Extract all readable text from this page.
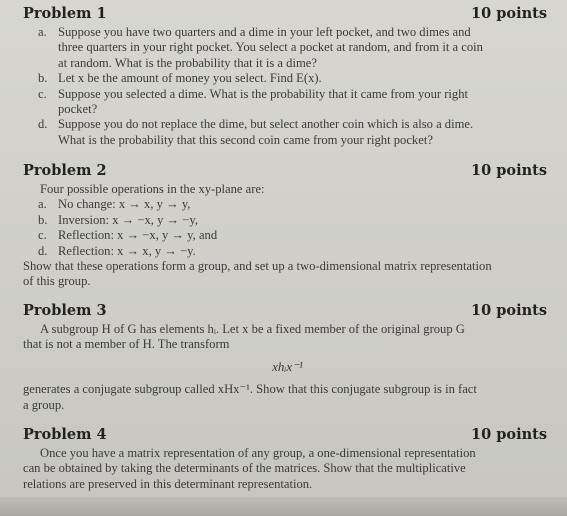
Problem 1	10 points
a. Suppose you have two quarters and a dime in your left pocket, and two dimes and
three quarters in your right pocket. You select a pocket at random, and from it a coin
at random. What is the probability that it is a dime?
b. Let x be the amount of money you select. Find E(x).
c. Suppose you selected a dime. What is the probability that it came from your right
pocket?
d. Suppose you do not replace the dime, but select another coin which is also a dime.
What is the probability that this second coin came from your right pocket?
Problem 2	10 points
Four possible operations in the xy-plane are:
a. No change: x → x, y → y,
b. Inversion: x → −x, y → −y,
c. Reflection: x → −x, y → y, and
d. Reflection: x → x, y → −y.
Show that these operations form a group, and set up a two-dimensional matrix representation
of this group.
Problem 3	10 points
A subgroup H of G has elements hᵢ. Let x be a fixed member of the original group G
that is not a member of H. The transform
xhᵢx⁻¹
generates a conjugate subgroup called xHx⁻¹. Show that this conjugate subgroup is in fact
a group.
Problem 4	10 points
Once you have a matrix representation of any group, a one-dimensional representation
can be obtained by taking the determinants of the matrices. Show that the multiplicative
relations are preserved in this determinant representation.
